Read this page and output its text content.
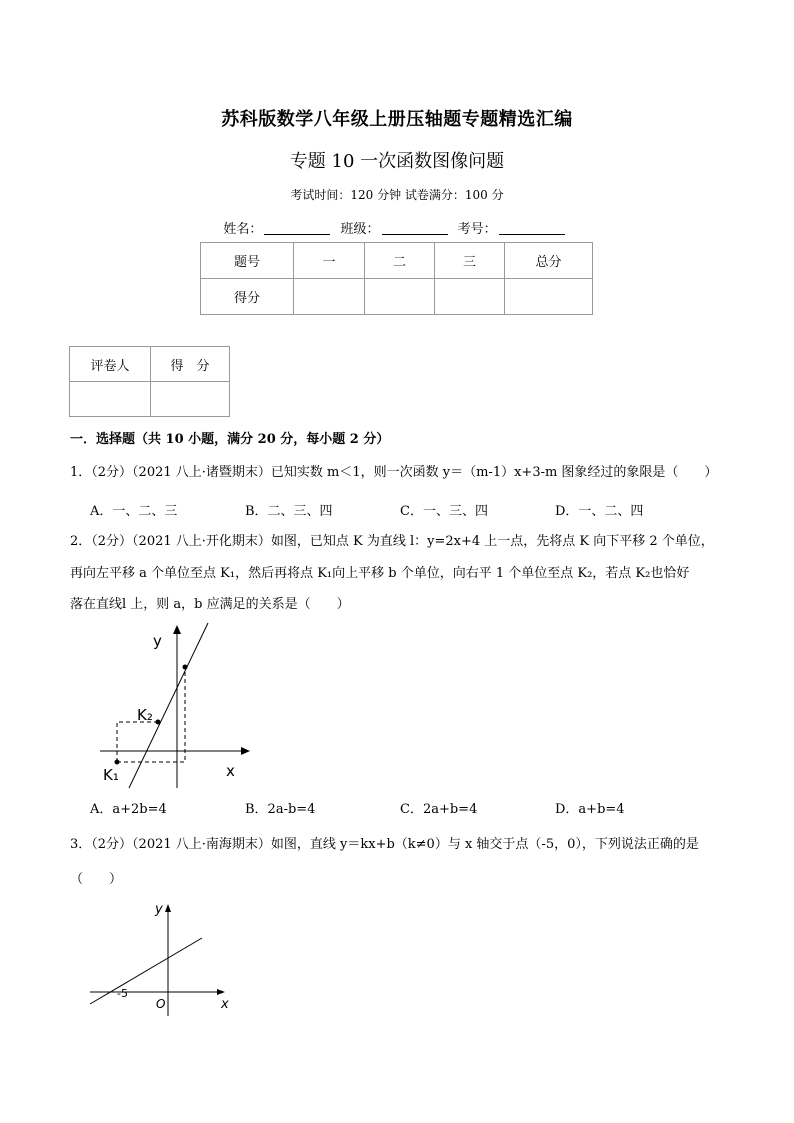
苏科版数学八年级上册压轴题专题精选汇编
专题 10 一次函数图像问题
考试时间：120 分钟 试卷满分：100 分
姓名：	班级：	考号：
题号	一	二	三	总分
得分				
评卷人	得　分

一．选择题（共 10 小题，满分 20 分，每小题 2 分）
1．（2分）（2021 八上·诸暨期末）已知实数 m＜1，则一次函数 y＝（m-1）x+3-m 图象经过的象限是（　　）
A．一、二、三	B．二、三、四	C．一、三、四	D．一、二、四
2．（2分）（2021 八上·开化期末）如图，已知点 K 为直线 l：y=2x+4 上一点，先将点 K 向下平移 2 个单位，
再向左平移 a 个单位至点 K₁，然后再将点 K₁向上平移 b 个单位，向右平 1 个单位至点 K₂，若点 K₂也恰好
落在直线l 上，则 a，b 应满足的关系是（　　）
y
x
K₂
K₁
A．a+2b=4	B．2a-b=4	C．2a+b=4	D．a+b=4
3．（2分）（2021 八上·南海期末）如图，直线 y＝kx+b（k≠0）与 x 轴交于点（-5，0），下列说法正确的是
（　　）
y
x
O
-5
